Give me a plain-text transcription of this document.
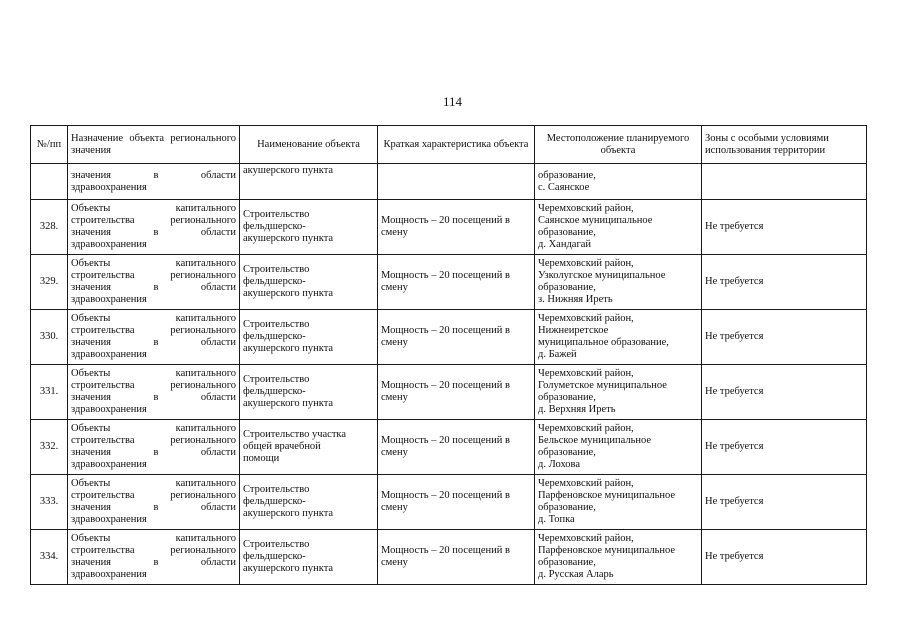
114
№/пп	Назначение объекта регионального значения	Наименование объекта	Краткая характеристика объекта	Местоположение планируемого объекта	Зоны с особыми условиями использования территории

	значения в области
здравоохранения	акушерского пункта		образование,
с. Саянское	

328.	Объекты капитального
строительства регионального
значения в области
здравоохранения	Строительство
фельдшерско-
акушерского пункта	Мощность – 20 посещений в
смену	Черемховский район,
Саянское муниципальное
образование,
д. Хандагай	Не требуется
329.	Объекты капитального
строительства регионального
значения в области
здравоохранения	Строительство
фельдшерско-
акушерского пункта	Мощность – 20 посещений в
смену	Черемховский район,
Узколугское муниципальное
образование,
з. Нижняя Иреть	Не требуется
330.	Объекты капитального
строительства регионального
значения в области
здравоохранения	Строительство
фельдшерско-
акушерского пункта	Мощность – 20 посещений в
смену	Черемховский район,
Нижнеиретское
муниципальное образование,
д. Бажей	Не требуется
331.	Объекты капитального
строительства регионального
значения в области
здравоохранения	Строительство
фельдшерско-
акушерского пункта	Мощность – 20 посещений в
смену	Черемховский район,
Голуметское муниципальное
образование,
д. Верхняя Иреть	Не требуется
332.	Объекты капитального
строительства регионального
значения в области
здравоохранения	Строительство участка
общей врачебной
помощи	Мощность – 20 посещений в
смену	Черемховский район,
Бельское муниципальное
образование,
д. Лохова	Не требуется
333.	Объекты капитального
строительства регионального
значения в области
здравоохранения	Строительство
фельдшерско-
акушерского пункта	Мощность – 20 посещений в
смену	Черемховский район,
Парфеновское муниципальное
образование,
д. Топка	Не требуется
334.	Объекты капитального
строительства регионального
значения в области
здравоохранения	Строительство
фельдшерско-
акушерского пункта	Мощность – 20 посещений в
смену	Черемховский район,
Парфеновское муниципальное
образование,
д. Русская Аларь	Не требуется
